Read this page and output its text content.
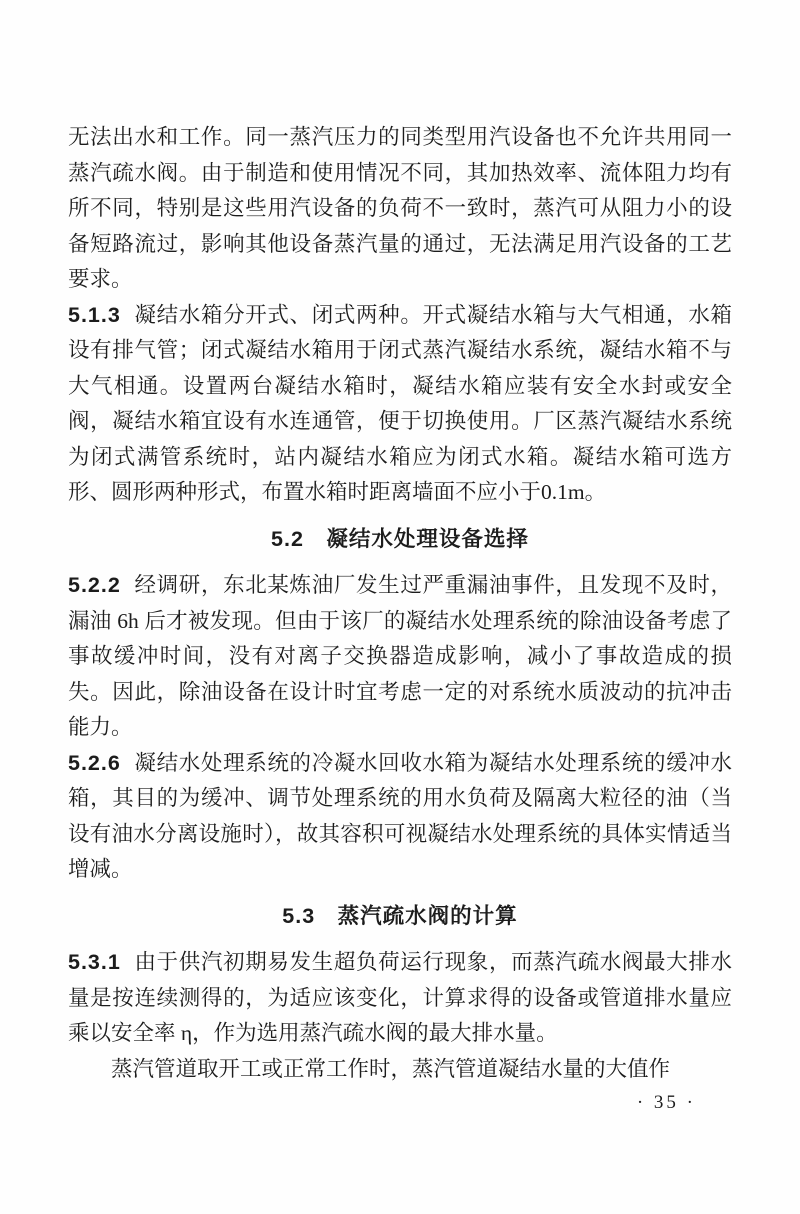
无法出水和工作。同一蒸汽压力的同类型用汽设备也不允许共用同一蒸汽疏水阀。由于制造和使用情况不同，其加热效率、流体阻力均有所不同，特别是这些用汽设备的负荷不一致时，蒸汽可从阻力小的设备短路流过，影响其他设备蒸汽量的通过，无法满足用汽设备的工艺要求。

5.1.3 凝结水箱分开式、闭式两种。开式凝结水箱与大气相通，水箱设有排气管；闭式凝结水箱用于闭式蒸汽凝结水系统，凝结水箱不与大气相通。设置两台凝结水箱时，凝结水箱应装有安全水封或安全阀，凝结水箱宜设有水连通管，便于切换使用。厂区蒸汽凝结水系统为闭式满管系统时，站内凝结水箱应为闭式水箱。凝结水箱可选方形、圆形两种形式，布置水箱时距离墙面不应小于0.1m。

5.2　凝结水处理设备选择

5.2.2 经调研，东北某炼油厂发生过严重漏油事件，且发现不及时，漏油 6h 后才被发现。但由于该厂的凝结水处理系统的除油设备考虑了事故缓冲时间，没有对离子交换器造成影响，减小了事故造成的损失。因此，除油设备在设计时宜考虑一定的对系统水质波动的抗冲击能力。

5.2.6 凝结水处理系统的冷凝水回收水箱为凝结水处理系统的缓冲水箱，其目的为缓冲、调节处理系统的用水负荷及隔离大粒径的油（当设有油水分离设施时），故其容积可视凝结水处理系统的具体实情适当增减。

5.3　蒸汽疏水阀的计算

5.3.1 由于供汽初期易发生超负荷运行现象，而蒸汽疏水阀最大排水量是按连续测得的，为适应该变化，计算求得的设备或管道排水量应乘以安全率 η，作为选用蒸汽疏水阀的最大排水量。

蒸汽管道取开工或正常工作时，蒸汽管道凝结水量的大值作

· 35 ·
